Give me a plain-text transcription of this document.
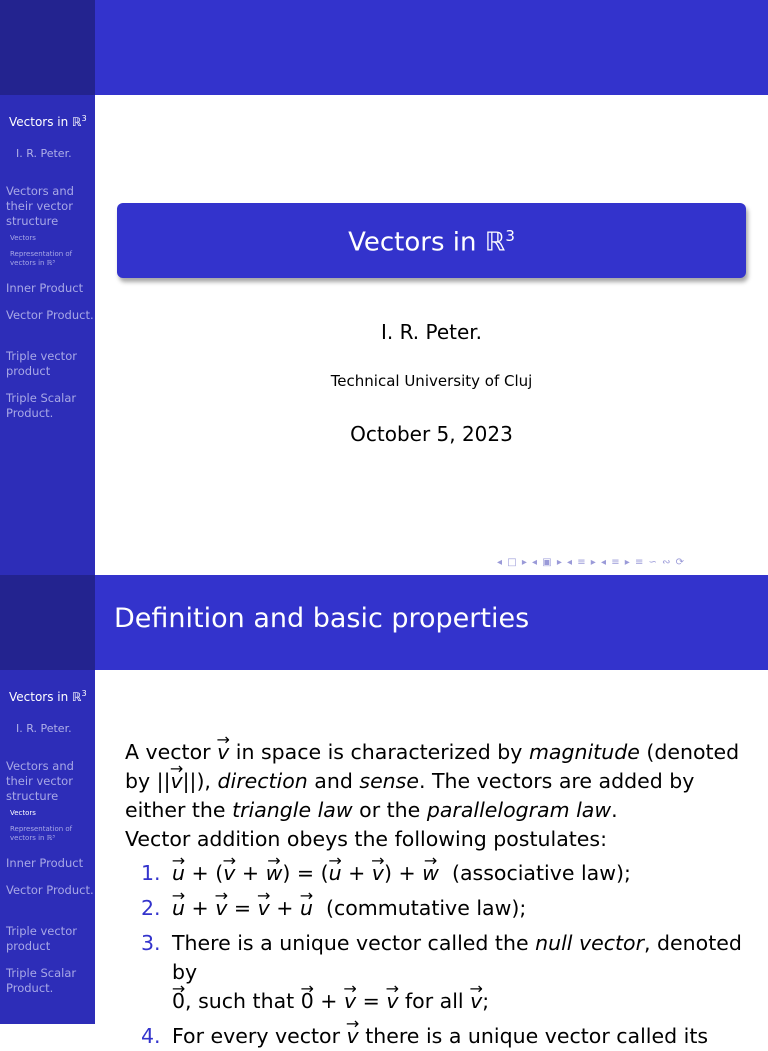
Vectors in ℝ$^3$
I. R. Peter.
Vectors and their vector structure
Vectors
Representation of vectors in ℝ³
Inner Product
Vector Product.
Triple vector product
Triple Scalar Product.
Vectors in ℝ$^3$
I. R. Peter.
Technical University of Cluj
October 5, 2023
◂ □ ▸ ◂ ▣ ▸ ◂ ≡ ▸ ◂ ≡ ▸ ≡ ∽ ∾ ⟳
Definition and basic properties
Vectors in ℝ$^3$
I. R. Peter.
Vectors and their vector structure
Vectors
Representation of vectors in ℝ³
Inner Product
Vector Product.
Triple vector product
Triple Scalar Product.

A vector → v in space is characterized by magnitude (denoted by ||→ v||), direction and sense. The vectors are added by either the triangle law or the parallelogram law.

Vector addition obeys the following postulates:

1. → u + (→ v + → w) = (→ u + → v) + → w (associative law);
2. → u + → v = → v + → u (commutative law);
3. There is a unique vector called the null vector, denoted by
→ 0, such that → 0 + → v = → v for all → v;
4. For every vector → v there is a unique vector called its
